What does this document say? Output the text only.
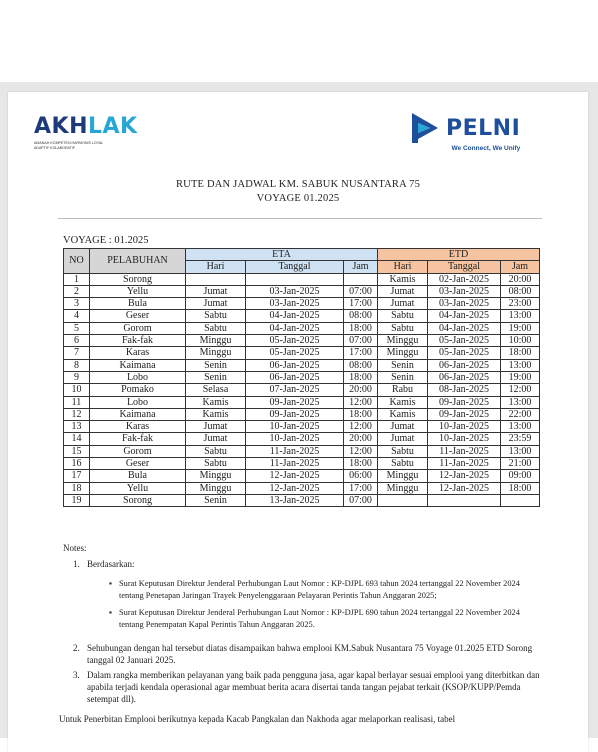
AKHLAK
AMANAH KOMPETEN HARMONIS LOYAL ADAPTIF KOLABORATIF
PELNI
We Connect, We Unify
RUTE DAN JADWAL KM. SABUK NUSANTARA 75
VOYAGE 01.2025
VOYAGE : 01.2025
NO	PELABUHAN	ETA			ETD		
		Hari	Tanggal	Jam	Hari	Tanggal	Jam
1	Sorong				Kamis	02-Jan-2025	20:00
2	Yellu	Jumat	03-Jan-2025	07:00	Jumat	03-Jan-2025	08:00
3	Bula	Jumat	03-Jan-2025	17:00	Jumat	03-Jan-2025	23:00
4	Geser	Sabtu	04-Jan-2025	08:00	Sabtu	04-Jan-2025	13:00
5	Gorom	Sabtu	04-Jan-2025	18:00	Sabtu	04-Jan-2025	19:00
6	Fak-fak	Minggu	05-Jan-2025	07:00	Minggu	05-Jan-2025	10:00
7	Karas	Minggu	05-Jan-2025	17:00	Minggu	05-Jan-2025	18:00
8	Kaimana	Senin	06-Jan-2025	08:00	Senin	06-Jan-2025	13:00
9	Lobo	Senin	06-Jan-2025	18:00	Senin	06-Jan-2025	19:00
10	Pomako	Selasa	07-Jan-2025	20:00	Rabu	08-Jan-2025	12:00
11	Lobo	Kamis	09-Jan-2025	12:00	Kamis	09-Jan-2025	13:00
12	Kaimana	Kamis	09-Jan-2025	18:00	Kamis	09-Jan-2025	22:00
13	Karas	Jumat	10-Jan-2025	12:00	Jumat	10-Jan-2025	13:00
14	Fak-fak	Jumat	10-Jan-2025	20:00	Jumat	10-Jan-2025	23:59
15	Gorom	Sabtu	11-Jan-2025	12:00	Sabtu	11-Jan-2025	13:00
16	Geser	Sabtu	11-Jan-2025	18:00	Sabtu	11-Jan-2025	21:00
17	Bula	Minggu	12-Jan-2025	06:00	Minggu	12-Jan-2025	09:00
18	Yellu	Minggu	12-Jan-2025	17:00	Minggu	12-Jan-2025	18:00
19	Sorong	Senin	13-Jan-2025	07:00			
Notes:
1. Berdasarkan:
▪ Surat Keputusan Direktur Jenderal Perhubungan Laut Nomor : KP-DJPL 693 tahun 2024 tertanggal 22 November 2024 tentang Penetapan Jaringan Trayek Penyelenggaraan Pelayaran Perintis Tahun Anggaran 2025;
▪ Surat Keputusan Direktur Jenderal Perhubungan Laut Nomor : KP-DJPL 690 tahun 2024 tertanggal 22 November 2024 tentang Penempatan Kapal Perintis Tahun Anggaran 2025.
2. Sehubungan dengan hal tersebut diatas disampaikan bahwa emplooi KM.Sabuk Nusantara 75 Voyage 01.2025 ETD Sorong tanggal 02 Januari 2025.
3. Dalam rangka memberikan pelayanan yang baik pada pengguna jasa, agar kapal berlayar sesuai emplooi yang diterbitkan dan apabila terjadi kendala operasional agar membuat berita acara disertai tanda tangan pejabat terkait (KSOP/KUPP/Pemda setempat dll).
Untuk Penerbitan Emplooi berikutnya kepada Kacab Pangkalan dan Nakhoda agar melaporkan realisasi, tabel
